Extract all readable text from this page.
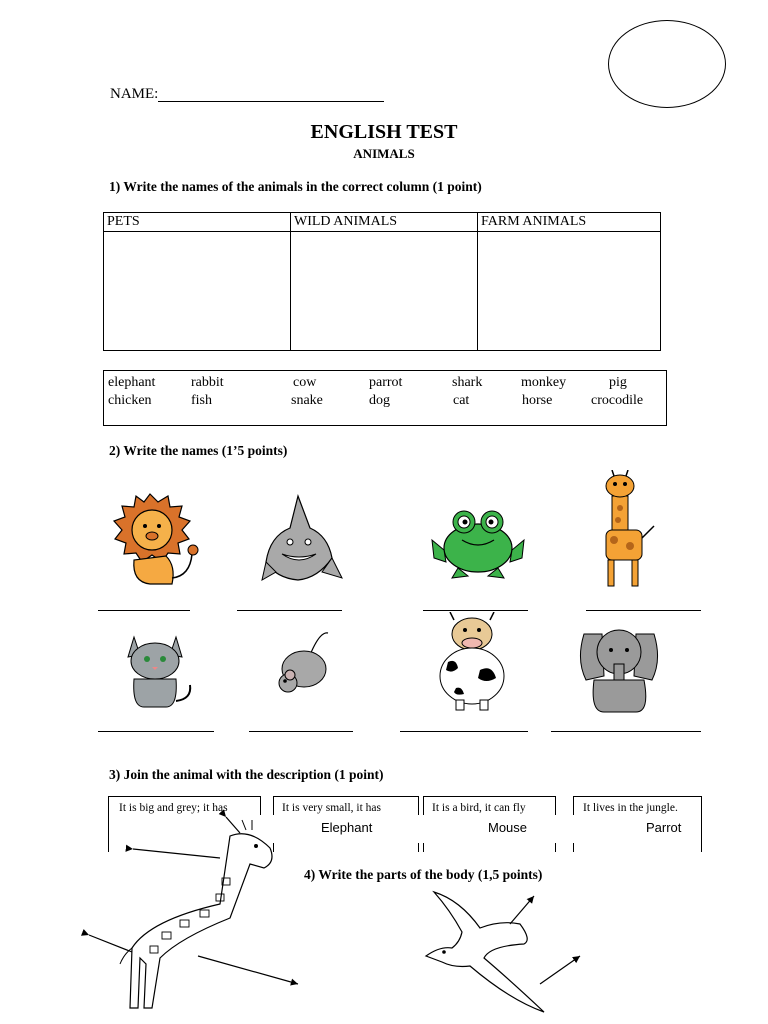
NAME:
ENGLISH TEST
ANIMALS
1) Write the names of the animals in the correct column (1 point)
PETS	WILD ANIMALS	FARM ANIMALS

elephant	rabbit	cow	parrot	shark	monkey	pig
chicken	fish	snake	dog	cat	horse	crocodile
2) Write the names (1’5 points)
3) Join the animal with the description (1 point)
It is big and grey; it has	It is very small, it has	It is a bird, it can fly	It lives in the jungle.
Elephant	Mouse	Parrot
4) Write the parts of the body (1,5 points)
